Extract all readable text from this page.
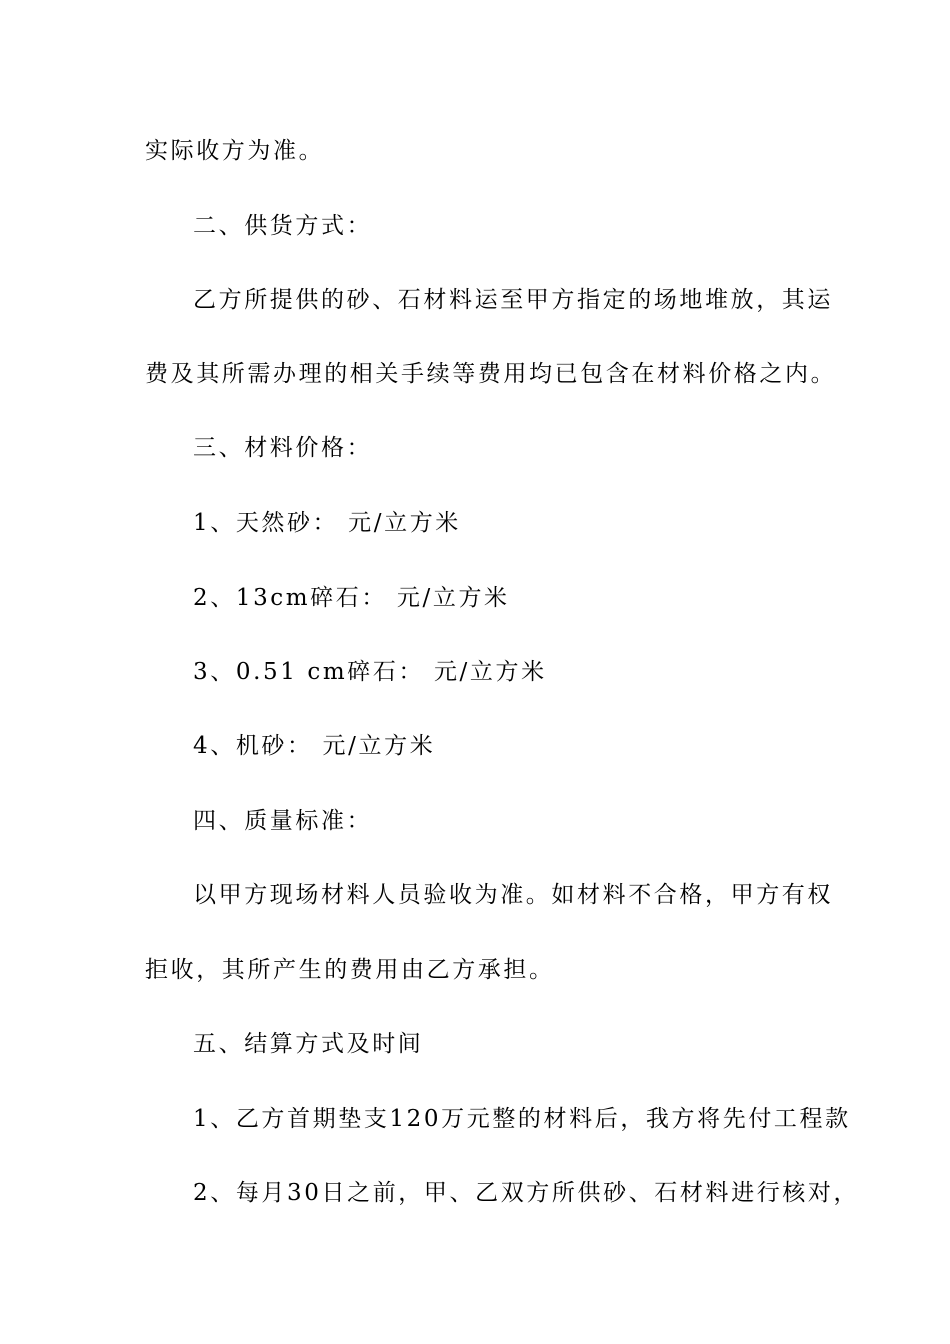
实际收方为准。
二、供货方式：
乙方所提供的砂、石材料运至甲方指定的场地堆放，其运
费及其所需办理的相关手续等费用均已包含在材料价格之内。
三、材料价格：
1、天然砂： 元/立方米
2、13cm碎石： 元/立方米
3、0.51 cm碎石： 元/立方米
4、机砂： 元/立方米
四、质量标准：
以甲方现场材料人员验收为准。如材料不合格，甲方有权
拒收，其所产生的费用由乙方承担。
五、结算方式及时间
1、乙方首期垫支120万元整的材料后，我方将先付工程款
2、每月30日之前，甲、乙双方所供砂、石材料进行核对，
